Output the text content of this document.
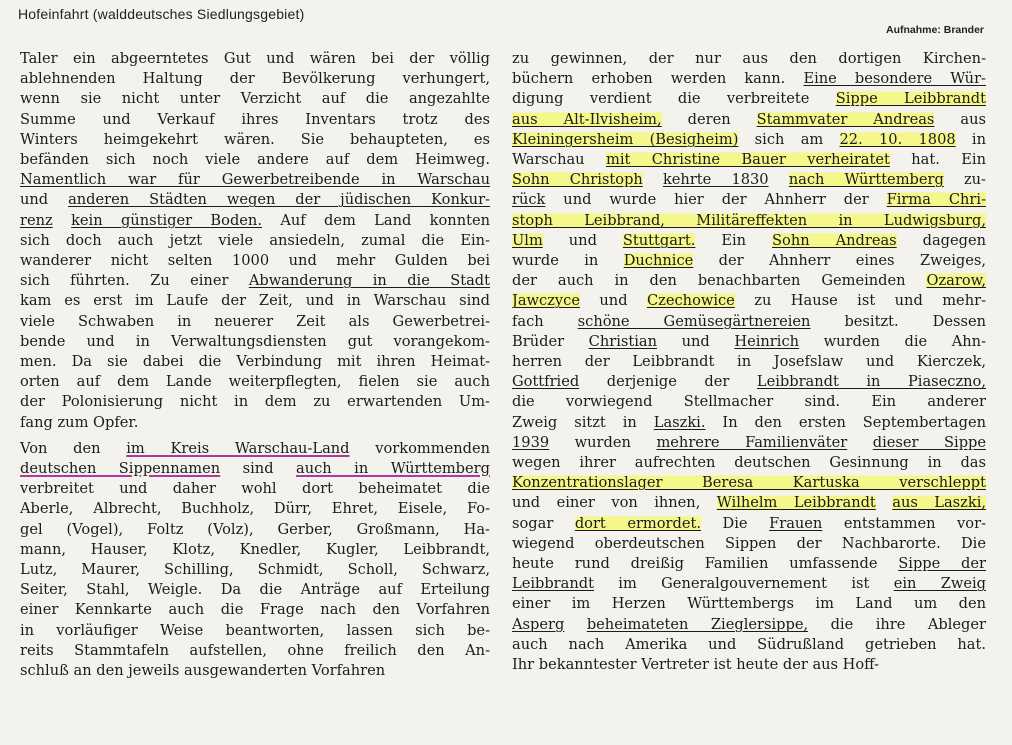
Hofeinfahrt (walddeutsches Siedlungsgebiet)
Aufnahme: Brander
Taler ein abgeerntetes Gut und wären bei der völlig
ablehnenden Haltung der Bevölkerung verhungert,
wenn sie nicht unter Verzicht auf die angezahlte
Summe und Verkauf ihres Inventars trotz des
Winters heimgekehrt wären. Sie behaupteten, es
befänden sich noch viele andere auf dem Heimweg.
Namentlich war für Gewerbetreibende in Warschau
und anderen Städten wegen der jüdischen Konkur-
renz kein günstiger Boden. Auf dem Land konnten
sich doch auch jetzt viele ansiedeln, zumal die Ein-
wanderer nicht selten 1000 und mehr Gulden bei
sich führten. Zu einer Abwanderung in die Stadt
kam es erst im Laufe der Zeit, und in Warschau sind
viele Schwaben in neuerer Zeit als Gewerbetrei-
bende und in Verwaltungsdiensten gut vorangekom-
men. Da sie dabei die Verbindung mit ihren Heimat-
orten auf dem Lande weiterpflegten, fielen sie auch
der Polonisierung nicht in dem zu erwartenden Um-
fang zum Opfer.
Von den im Kreis Warschau-Land vorkommenden
deutschen Sippennamen sind auch in Württemberg
verbreitet und daher wohl dort beheimatet die
Aberle, Albrecht, Buchholz, Dürr, Ehret, Eisele, Fo-
gel (Vogel), Foltz (Volz), Gerber, Großmann, Ha-
mann, Hauser, Klotz, Knedler, Kugler, Leibbrandt,
Lutz, Maurer, Schilling, Schmidt, Scholl, Schwarz,
Seiter, Stahl, Weigle. Da die Anträge auf Erteilung
einer Kennkarte auch die Frage nach den Vorfahren
in vorläufiger Weise beantworten, lassen sich be-
reits Stammtafeln aufstellen, ohne freilich den An-
schluß an den jeweils ausgewanderten Vorfahren
zu gewinnen, der nur aus den dortigen Kirchen-
büchern erhoben werden kann. Eine besondere Wür-
digung verdient die verbreitete Sippe Leibbrandt
aus Alt-Ilvisheim, deren Stammvater Andreas aus
Kleiningersheim (Besigheim) sich am 22. 10. 1808 in
Warschau mit Christine Bauer verheiratet hat. Ein
Sohn Christoph kehrte 1830 nach Württemberg zu-
rück und wurde hier der Ahnherr der Firma Chri-
stoph Leibbrand, Militäreffekten in Ludwigsburg,
Ulm und Stuttgart. Ein Sohn Andreas dagegen
wurde in Duchnice der Ahnherr eines Zweiges,
der auch in den benachbarten Gemeinden Ozarow,
Jawczyce und Czechowice zu Hause ist und mehr-
fach schöne Gemüsegärtnereien besitzt. Dessen
Brüder Christian und Heinrich wurden die Ahn-
herren der Leibbrandt in Josefslaw und Kierczek,
Gottfried derjenige der Leibbrandt in Piaseczno,
die vorwiegend Stellmacher sind. Ein anderer
Zweig sitzt in Laszki. In den ersten Septembertagen
1939 wurden mehrere Familienväter dieser Sippe
wegen ihrer aufrechten deutschen Gesinnung in das
Konzentrationslager Beresa Kartuska verschleppt
und einer von ihnen, Wilhelm Leibbrandt aus Laszki,
sogar dort ermordet. Die Frauen entstammen vor-
wiegend oberdeutschen Sippen der Nachbarorte. Die
heute rund dreißig Familien umfassende Sippe der
Leibbrandt im Generalgouvernement ist ein Zweig
einer im Herzen Württembergs im Land um den
Asperg beheimateten Zieglersippe, die ihre Ableger
auch nach Amerika und Südrußland getrieben hat.
Ihr bekanntester Vertreter ist heute der aus Hoff-
